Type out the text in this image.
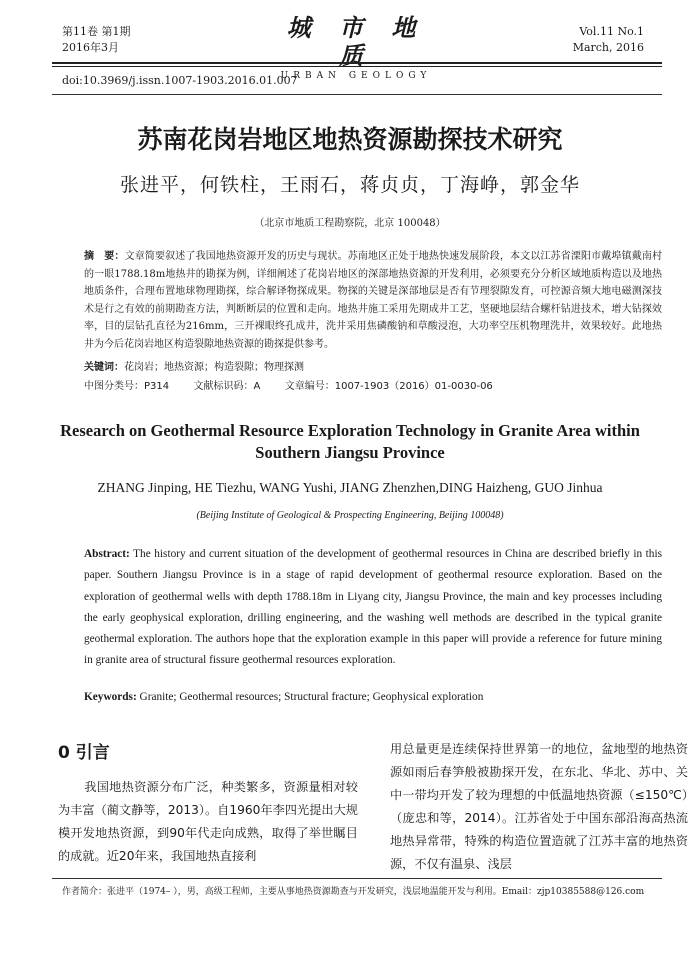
第11卷 第1期
2016年3月
城 市 地 质
URBAN GEOLOGY
Vol.11 No.1
March, 2016
doi:10.3969/j.issn.1007-1903.2016.01.007
苏南花岗岩地区地热资源勘探技术研究
张进平，何铁柱，王雨石，蒋贞贞，丁海峥，郭金华
（北京市地质工程勘察院，北京 100048）
摘　要：文章简要叙述了我国地热资源开发的历史与现状。苏南地区正处于地热快速发展阶段，本文以江苏省溧阳市戴埠镇戴南村的一眼1788.18m地热井的勘探为例，详细阐述了花岗岩地区的深部地热资源的开发利用，必须要充分分析区域地质构造以及地热地质条件，合理布置地球物理勘探，综合解译物探成果。物探的关键是深部地层是否有节理裂隙发育，可控源音频大地电磁测深技术是行之有效的前期勘查方法，判断断层的位置和走向。地热井施工采用先期成井工艺，坚硬地层结合螺杆钻进技术，增大钻探效率，目的层钻孔直径为216mm，三开裸眼终孔成井，洗井采用焦磷酸钠和草酸浸泡，大功率空压机物理洗井，效果较好。此地热井为今后花岗岩地区构造裂隙地热资源的勘探提供参考。
关键词：花岗岩；地热资源；构造裂隙；物理探测
中图分类号：P314 文献标识码：A 文章编号：1007-1903（2016）01-0030-06
Research on Geothermal Resource Exploration Technology in Granite Area within Southern Jiangsu Province
ZHANG Jinping, HE Tiezhu, WANG Yushi, JIANG Zhenzhen,DING Haizheng, GUO Jinhua
(Beijing Institute of Geological & Prospecting Engineering, Beijing 100048)
Abstract: The history and current situation of the development of geothermal resources in China are described briefly in this paper. Southern Jiangsu Province is in a stage of rapid development of geothermal resource exploration. Based on the exploration of geothermal wells with depth 1788.18m in Liyang city, Jiangsu Province, the main and key processes including the early geophysical exploration, drilling engineering, and the washing well methods are described in the typical granite geothermal exploration. The authors hope that the exploration example in this paper will provide a reference for future mining in granite area of structural fissure geothermal resources exploration.
Keywords: Granite; Geothermal resources; Structural fracture; Geophysical exploration
0 引言
我国地热资源分布广泛，种类繁多，资源量相对较为丰富（蔺文静等，2013）。自1960年李四光提出大规模开发地热资源，到90年代走向成熟，取得了举世瞩目的成就。近20年来，我国地热直接利
用总量更是连续保持世界第一的地位，盆地型的地热资源如雨后春笋般被勘探开发，在东北、华北、苏中、关中一带均开发了较为理想的中低温地热资源（≤150℃）（庞忠和等，2014）。江苏省处于中国东部沿海高热流地热异常带，特殊的构造位置造就了江苏丰富的地热资源，不仅有温泉、浅层
作者简介：张进平（1974– ），男，高级工程师，主要从事地热资源勘查与开发研究，浅层地温能开发与利用。Email：zjp10385588@126.com
